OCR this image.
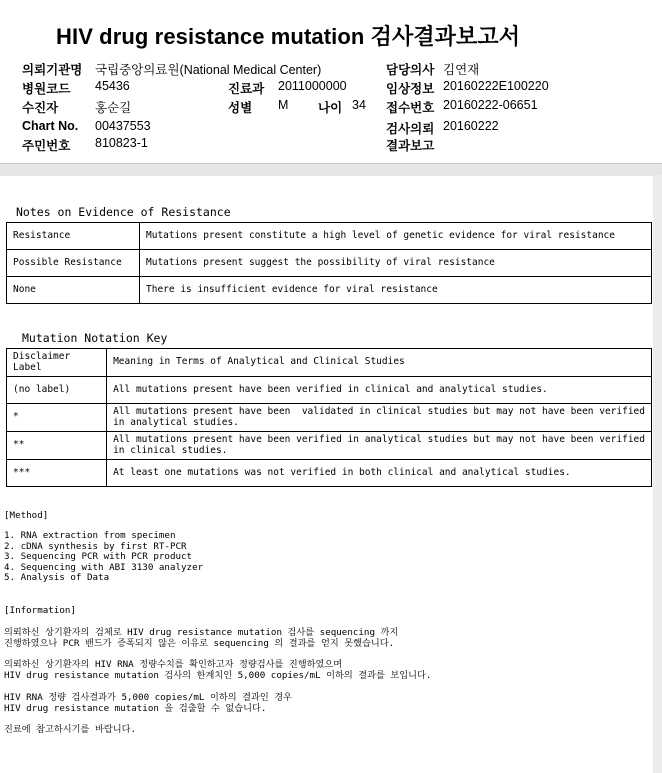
HIV drug resistance mutation 검사결과보고서
의뢰기관명 국립중앙의료원(National Medical Center)	담당의사 김연재
병원코드 45436	진료과 2011000000	임상정보 20160222E100220
수진자	홍순길	성별 M 나이 34 접수번호 20160222-06651
Chart No. 00437553	검사의뢰 20160222
주민번호 810823-1	결과보고
Notes on Evidence of Resistance
Resistance	Mutations present constitute a high level of genetic evidence for viral resistance
Possible Resistance	Mutations present suggest the possibility of viral resistance
None	There is insufficient evidence for viral resistance
Mutation Notation Key
Disclaimer Label	Meaning in Terms of Analytical and Clinical Studies
(no label)	All mutations present have been verified in clinical and analytical studies.
*	All mutations present have been  validated in clinical studies but may not have been verified
in analytical studies.
**	All mutations present have been verified in analytical studies but may not have been verified
in clinical studies.
***	At least one mutations was not verified in both clinical and analytical studies.
[Method]
1. RNA extraction from specimen
2. cDNA synthesis by first RT-PCR
3. Sequencing PCR with PCR product
4. Sequencing with ABI 3130 analyzer
5. Analysis of Data
[Information]
의뢰하신 상기환자의 검체로 HIV drug resistance mutation 검사를 sequencing 까지
진행하였으나 PCR 밴드가 증폭되지 않은 이유로 sequencing 의 결과를 얻지 못했습니다.
의뢰하신 상기환자의 HIV RNA 정량수치를 확인하고자 정량검사를 진행하였으며
HIV drug resistance mutation 검사의 한계치인 5,000 copies/mL 이하의 결과를 보입니다.
HIV RNA 정량 검사결과가 5,000 copies/mL 이하의 결과인 경우
HIV drug resistance mutation 을 검출할 수 없습니다.
진료에 참고하시기를 바랍니다.
